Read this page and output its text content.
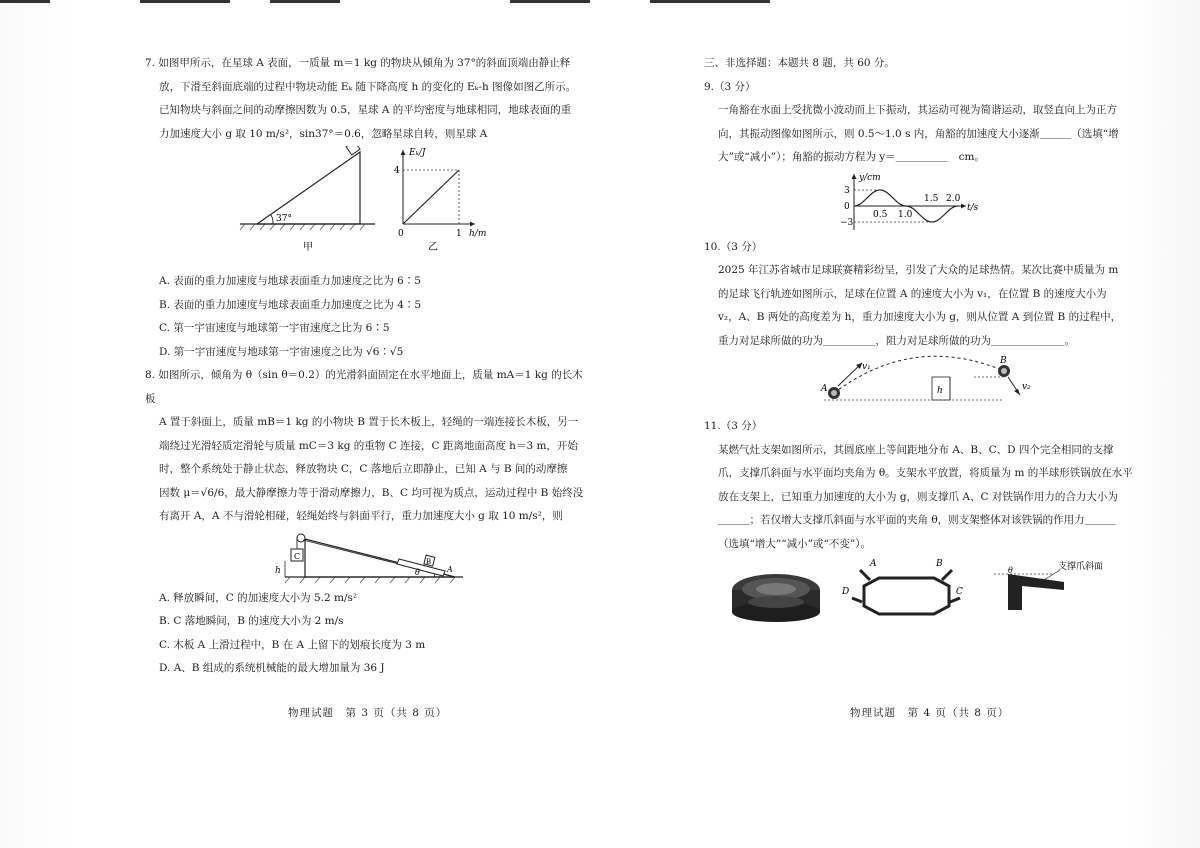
7. 如图甲所示，在星球 A 表面，一质量 m＝1 kg 的物块从倾角为 37°的斜面顶端由静止释

放，下滑至斜面底端的过程中物块动能 Eₖ 随下降高度 h 的变化的 Eₖ-h 图像如图乙所示。

已知物块与斜面之间的动摩擦因数为 0.5，星球 A 的平均密度与地球相同，地球表面的重

力加速度大小 g 取 10 m/s²，sin37°＝0.6，忽略星球自转，则星球 A

37°
甲
Eₖ/J
4
0	1 h/m
乙

A. 表面的重力加速度与地球表面重力加速度之比为 6∶5

B. 表面的重力加速度与地球表面重力加速度之比为 4∶5

C. 第一宇宙速度与地球第一宇宙速度之比为 6∶5

D. 第一宇宙速度与地球第一宇宙速度之比为 √6∶√5

8. 如图所示，倾角为 θ（sin θ＝0.2）的光滑斜面固定在水平地面上，质量 mA＝1 kg 的长木板

A 置于斜面上，质量 mB＝1 kg 的小物块 B 置于长木板上，轻绳的一端连接长木板，另一

端绕过光滑轻质定滑轮与质量 mC＝3 kg 的重物 C 连接，C 距离地面高度 h＝3 m，开始

时，整个系统处于静止状态，释放物块 C，C 落地后立即静止，已知 A 与 B 间的动摩擦

因数 μ＝√6/6，最大静摩擦力等于滑动摩擦力，B、C 均可视为质点，运动过程中 B 始终没

有离开 A，A 不与滑轮相碰，轻绳始终与斜面平行，重力加速度大小 g 取 10 m/s²，则

C
h
B
A
θ

A. 释放瞬间，C 的加速度大小为 5.2 m/s²

B. C 落地瞬间，B 的速度大小为 2 m/s

C. 木板 A 上滑过程中，B 在 A 上留下的划痕长度为 3 m

D. A、B 组成的系统机械能的最大增加量为 36 J

物理试题　第 3 页（共 8 页）

三、非选择题：本题共 8 题，共 60 分。

9.（3 分）

一角豁在水面上受扰微小波动而上下振动，其运动可视为简谐运动，取竖直向上为正方

向，其振动图像如图所示，则 0.5～1.0 s 内，角豁的加速度大小逐渐＿＿＿（选填“增

大”或“减小”）；角豁的振动方程为 y＝＿＿＿＿＿　cm。

y/cm
3
0
−3
0.5 1.0
1.5 2.0
t/s

10.（3 分）

2025 年江苏省城市足球联赛精彩纷呈，引发了大众的足球热情。某次比赛中质量为 m

的足球飞行轨迹如图所示，足球在位置 A 的速度大小为 v₁，在位置 B 的速度大小为

v₂，A、B 两处的高度差为 h，重力加速度大小为 g，则从位置 A 到位置 B 的过程中，

重力对足球所做的功为＿＿＿＿＿，阻力对足球所做的功为＿＿＿＿＿＿＿。

v₁
v₂
A
B
h

11.（3 分）

某燃气灶支架如图所示，其圆底座上等间距地分布 A、B、C、D 四个完全相同的支撑

爪，支撑爪斜面与水平面均夹角为 θ。支架水平放置，将质量为 m 的半球形铁锅放在水平

放在支架上，已知重力加速度的大小为 g，则支撑爪 A、C 对铁锅作用力的合力大小为

＿＿＿；若仅增大支撑爪斜面与水平面的夹角 θ，则支架整体对该铁锅的作用力＿＿＿

（选填“增大”“减小”或“不变”）。

A	B
C
D
θ	支撑爪斜面
物理试题　第 4 页（共 8 页）
